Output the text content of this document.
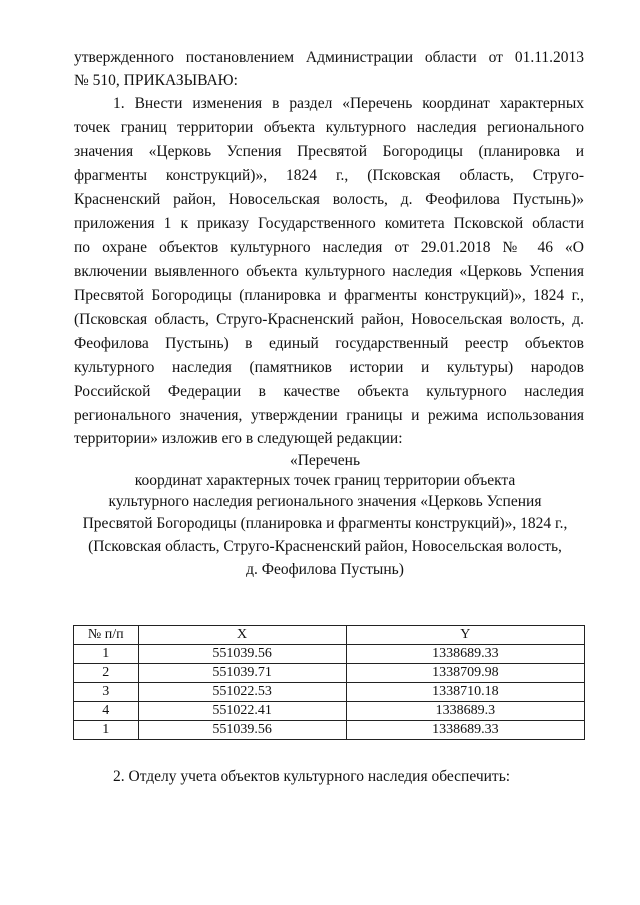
утвержденного постановлением Администрации области от 01.11.2013
№ 510, ПРИКАЗЫВАЮ:
1. Внести изменения в раздел «Перечень координат характерных
точек границ территории объекта культурного наследия регионального
значения «Церковь Успения Пресвятой Богородицы (планировка и
фрагменты конструкций)», 1824 г., (Псковская область, Струго-
Красненский район, Новосельская волость, д. Феофилова Пустынь)»
приложения 1 к приказу Государственного комитета Псковской области
по охране объектов культурного наследия от 29.01.2018 № 46 «О
включении выявленного объекта культурного наследия «Церковь Успения
Пресвятой Богородицы (планировка и фрагменты конструкций)», 1824 г.,
(Псковская область, Струго-Красненский район, Новосельская волость, д.
Феофилова Пустынь) в единый государственный реестр объектов
культурного наследия (памятников истории и культуры) народов
Российской Федерации в качестве объекта культурного наследия
регионального значения, утверждении границы и режима использования
территории» изложив его в следующей редакции:
«Перечень
координат характерных точек границ территории объекта
культурного наследия регионального значения «Церковь Успения
Пресвятой Богородицы (планировка и фрагменты конструкций)», 1824 г.,
(Псковская область, Струго-Красненский район, Новосельская волость,
д. Феофилова Пустынь)
№ п/п	X	Y
1	551039.56	1338689.33
2	551039.71	1338709.98
3	551022.53	1338710.18
4	551022.41	1338689.3
1	551039.56	1338689.33
2. Отделу учета объектов культурного наследия обеспечить:
